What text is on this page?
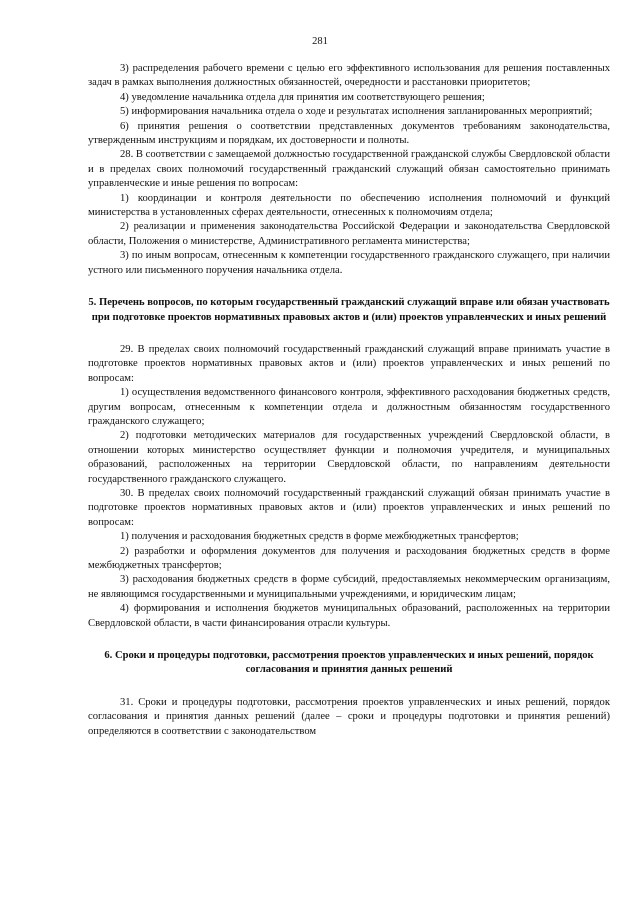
281

3) распределения рабочего времени с целью его эффективного использования для решения поставленных задач в рамках выполнения должностных обязанностей, очередности и расстановки приоритетов;

4) уведомление начальника отдела для принятия им соответствующего решения;

5) информирования начальника отдела о ходе и результатах исполнения запланированных мероприятий;

6) принятия решения о соответствии представленных документов требованиям законодательства, утвержденным инструкциям и порядкам, их достоверности и полноты.

28. В соответствии с замещаемой должностью государственной гражданской службы Свердловской области и в пределах своих полномочий государственный гражданский служащий обязан самостоятельно принимать управленческие и иные решения по вопросам:

1) координации и контроля деятельности по обеспечению исполнения полномочий и функций министерства в установленных сферах деятельности, отнесенных к полномочиям отдела;

2) реализации и применения законодательства Российской Федерации и законодательства Свердловской области, Положения о министерстве, Административного регламента министерства;

3) по иным вопросам, отнесенным к компетенции государственного гражданского служащего, при наличии устного или письменного поручения начальника отдела.

5. Перечень вопросов, по которым государственный гражданский служащий вправе или обязан участвовать при подготовке проектов нормативных правовых актов и (или) проектов управленческих и иных решений

29. В пределах своих полномочий государственный гражданский служащий вправе принимать участие в подготовке проектов нормативных правовых актов и (или) проектов управленческих и иных решений по вопросам:

1) осуществления ведомственного финансового контроля, эффективного расходования бюджетных средств, другим вопросам, отнесенным к компетенции отдела и должностным обязанностям государственного гражданского служащего;

2) подготовки методических материалов для государственных учреждений Свердловской области, в отношении которых министерство осуществляет функции и полномочия учредителя, и муниципальных образований, расположенных на территории Свердловской области, по направлениям деятельности государственного гражданского служащего.

30. В пределах своих полномочий государственный гражданский служащий обязан принимать участие в подготовке проектов нормативных правовых актов и (или) проектов управленческих и иных решений по вопросам:

1) получения и расходования бюджетных средств в форме межбюджетных трансфертов;

2) разработки и оформления документов для получения и расходования бюджетных средств в форме межбюджетных трансфертов;

3) расходования бюджетных средств в форме субсидий, предоставляемых некоммерческим организациям, не являющимся государственными и муниципальными учреждениями, и юридическим лицам;

4) формирования и исполнения бюджетов муниципальных образований, расположенных на территории Свердловской области, в части финансирования отрасли культуры.

6. Сроки и процедуры подготовки, рассмотрения проектов управленческих и иных решений, порядок согласования и принятия данных решений

31. Сроки и процедуры подготовки, рассмотрения проектов управленческих и иных решений, порядок согласования и принятия данных решений (далее – сроки и процедуры подготовки и принятия решений) определяются в соответствии с законодательством
